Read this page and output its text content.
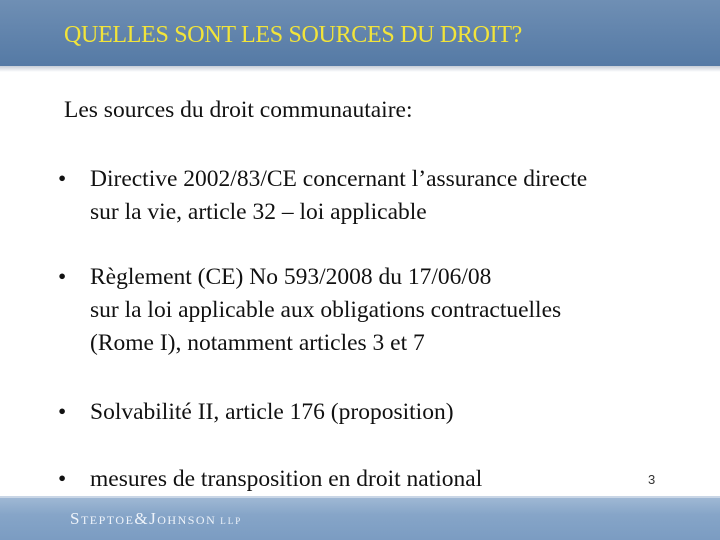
QUELLES SONT LES SOURCES DU DROIT?
Les sources du droit communautaire:
•	Directive 2002/83/CE concernant l’assurance directe
sur la vie, article 32 – loi applicable
•	Règlement (CE) No 593/2008 du 17/06/08
sur la loi applicable aux obligations contractuelles
(Rome I), notamment articles 3 et 7
•	Solvabilité II, article 176 (proposition)
•	mesures de transposition en droit national	3
Steptoe&Johnson LLP
